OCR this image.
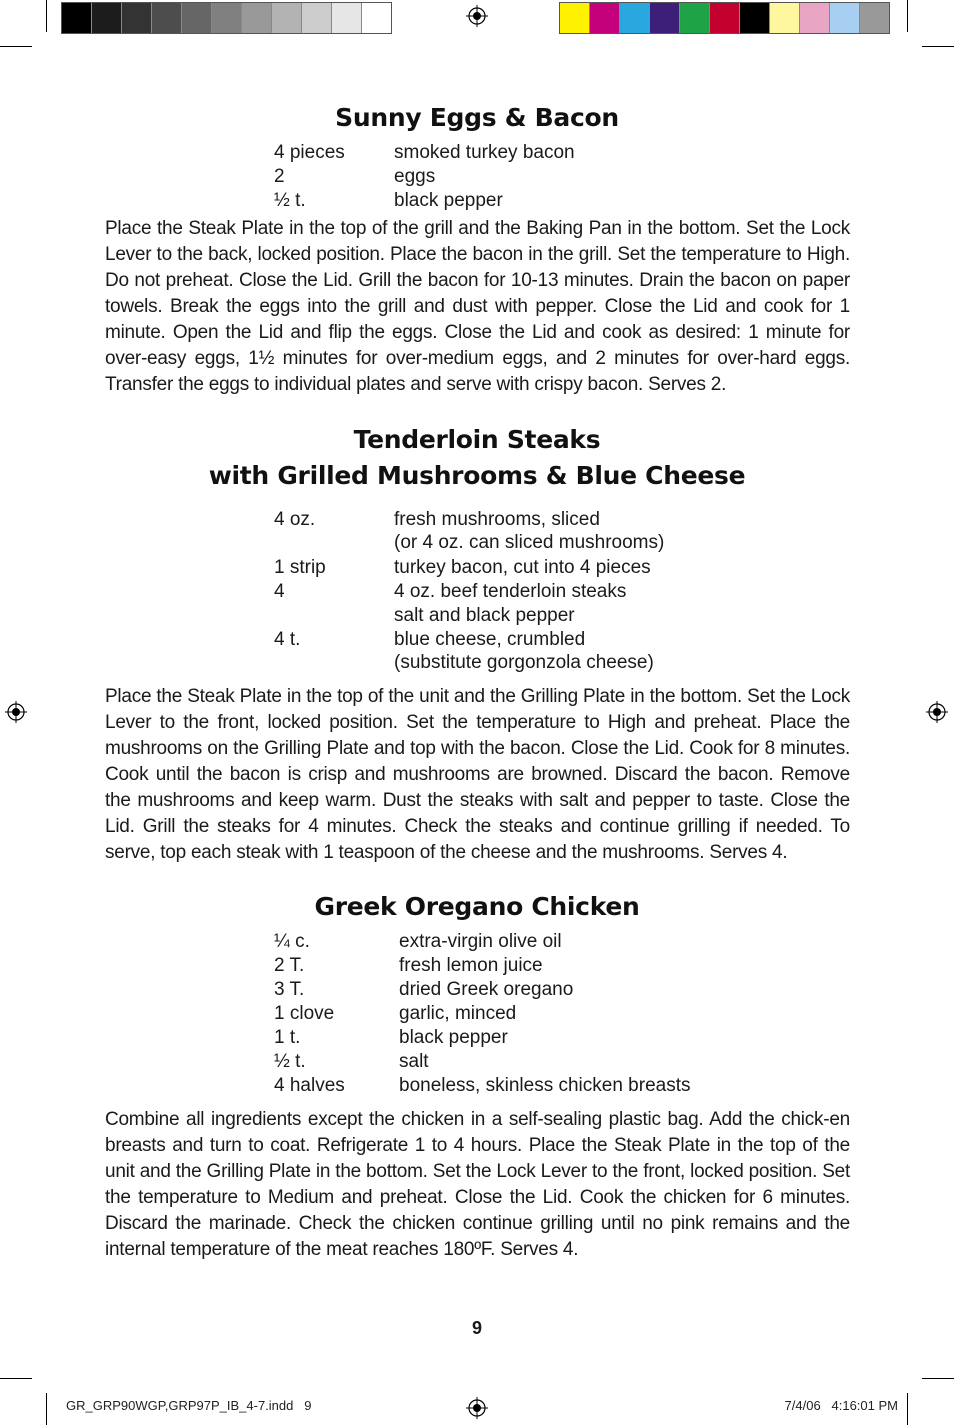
Sunny Eggs & Bacon
4 pieces	smoked turkey bacon
2	eggs
½ t.	black pepper

Place the Steak Plate in the top of the grill and the Baking Pan in the bottom. Set the Lock Lever to the back, locked position. Place the bacon in the grill. Set the temperature to High. Do not preheat. Close the Lid. Grill the bacon for 10-13 minutes. Drain the bacon on paper towels. Break the eggs into the grill and dust with pepper. Close the Lid and cook for 1 minute. Open the Lid and flip the eggs. Close the Lid and cook as desired: 1 minute for over-easy eggs, 1½ minutes for over-medium eggs, and 2 minutes for over-hard eggs. Transfer the eggs to individual plates and serve with crispy bacon. Serves 2.

Tenderloin Steaks
with Grilled Mushrooms & Blue Cheese
4 oz.	fresh mushrooms, sliced
(or 4 oz. can sliced mushrooms)
1 strip	turkey bacon, cut into 4 pieces
4	4 oz. beef tenderloin steaks
salt and black pepper
4 t.	blue cheese, crumbled
(substitute gorgonzola cheese)

Place the Steak Plate in the top of the unit and the Grilling Plate in the bottom. Set the Lock Lever to the front, locked position. Set the temperature to High and preheat. Place the mushrooms on the Grilling Plate and top with the bacon. Close the Lid. Cook for 8 minutes. Cook until the bacon is crisp and mushrooms are browned. Discard the bacon. Remove the mushrooms and keep warm. Dust the steaks with salt and pepper to taste. Close the Lid. Grill the steaks for 4 minutes. Check the steaks and continue grilling if needed. To serve, top each steak with 1 teaspoon of the cheese and the mushrooms. Serves 4.

Greek Oregano Chicken
¼ c.	extra-virgin olive oil
2 T.	fresh lemon juice
3 T.	dried Greek oregano
1 clove	garlic, minced
1 t.	black pepper
½ t.	salt
4 halves	boneless, skinless chicken breasts

Combine all ingredients except the chicken in a self-sealing plastic bag. Add the chick-en breasts and turn to coat. Refrigerate 1 to 4 hours. Place the Steak Plate in the top of the unit and the Grilling Plate in the bottom. Set the Lock Lever to the front, locked position. Set the temperature to Medium and preheat. Close the Lid. Cook the chicken for 6 minutes. Discard the marinade. Check the chicken continue grilling until no pink remains and the internal temperature of the meat reaches 180ºF. Serves 4.

9
GR_GRP90WGP,GRP97P_IB_4-7.indd   9	7/4/06   4:16:01 PM
